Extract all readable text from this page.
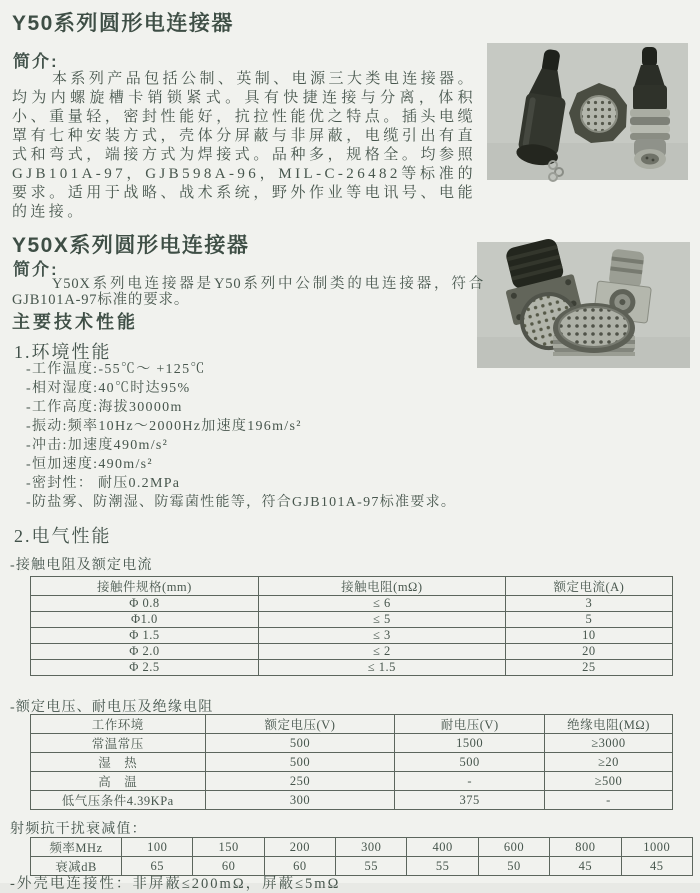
Y50系列圆形电连接器
简介:
本系列产品包括公制、英制、电源三大类电连接器。均为内螺旋槽卡销锁紧式。具有快捷连接与分离，体积小、重量轻，密封性能好，抗拉性能优之特点。插头电缆罩有七种安装方式，壳体分屏蔽与非屏蔽，电缆引出有直式和弯式，端接方式为焊接式。品种多，规格全。均参照GJB101A-97，GJB598A-96，MIL-C-26482等标准的要求。适用于战略、战术系统，野外作业等电讯号、电能的连接。
Y50X系列圆形电连接器
简介:
Y50X系列电连接器是Y50系列中公制类的电连接器，符合GJB101A-97标准的要求。
主要技术性能
1.环境性能
-工作温度:-55℃～ +125℃
-相对湿度:40℃时达95%
-工作高度:海拔30000m
-振动:频率10Hz～2000Hz加速度196m/s²
-冲击:加速度490m/s²
-恒加速度:490m/s²
-密封性： 耐压0.2MPa
-防盐雾、防潮湿、防霉菌性能等，符合GJB101A-97标准要求。
2.电气性能
-接触电阻及额定电流
接触件规格(mm)	接触电阻(mΩ)	额定电流(A)
Φ 0.8	≤ 6	3
Φ1.0	≤ 5	5
Φ 1.5	≤ 3	10
Φ 2.0	≤ 2	20
Φ 2.5	≤ 1.5	25
-额定电压、耐电压及绝缘电阻
工作环境	额定电压(V)	耐电压(V)	绝缘电阻(MΩ)
常温常压	500	1500	≥3000
湿　热	500	500	≥20
高　温	250	-	≥500
低气压条件4.39KPa	300	375	-
射频抗干扰衰减值：
频率MHz	100	150	200	300	400	600	800	1000
衰减dB	65	60	60	55	55	50	45	45
-外壳电连接性：非屏蔽≤200mΩ，屏蔽≤5mΩ
